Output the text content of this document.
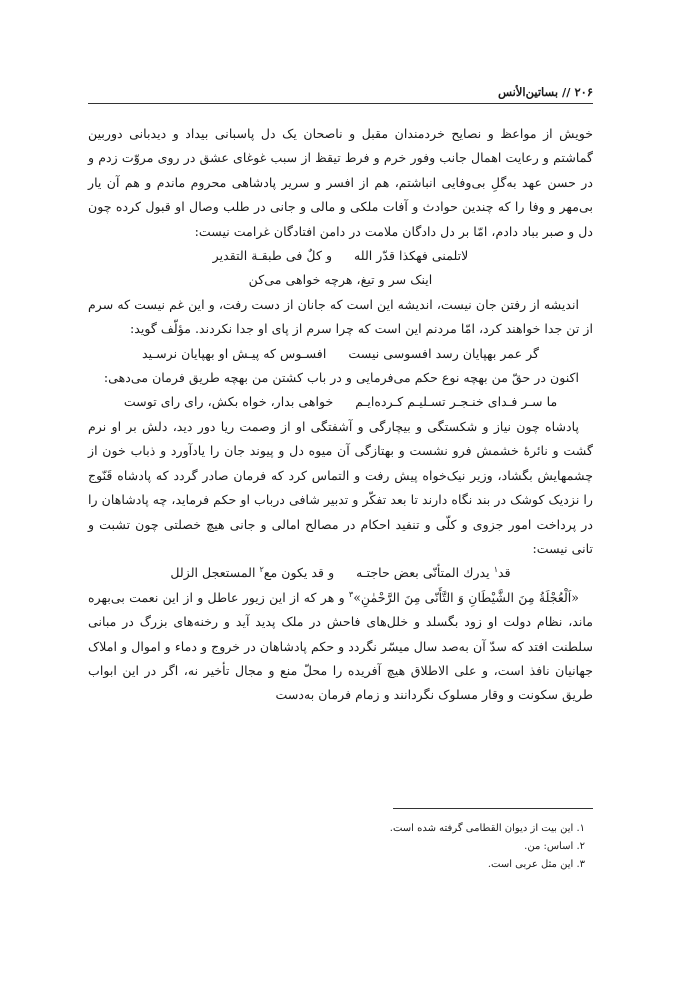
۲۰۶ // بساتین‌الأنس

خویش از مواعظ و نصایح خردمندان مقبل و ناصحان یک دل پاسبانی بیداد و دیدبانی دوربین گماشتم و رعایت اهمال جانب وفور خرم و فرط تیقظ از سبب غوغای عشق در روی مروّت زدم و در حسن عهد به‌گلِ بی‌وفایی انباشتم، هم از افسر و سریر پادشاهی محروم ماندم و هم آن یار بی‌مهر و وفا را که چندین حوادث و آفات ملکی و مالی و جانی در طلب وصال او قبول کرده چون دل و صبر بباد دادم، امّا بر دل دادگان ملامت در دامن افتادگان غرامت نیست:

لاتلمنی فهکذا قدّر الله
و کلٌ فی طبقـة التقدیر

اینک سر و تیغ، هرچه خواهی می‌کن

اندیشه از رفتن جان نیست، اندیشه این است که جانان از دست رفت، و این غم نیست که سرم از تن جدا خواهند کرد، امّا مردنم این است که چرا سرم از پای او جدا نکردند. مؤلّف گوید:

گر عمر بهپایان رسد افسوسی نیست
افسـوس که پیـش او بهپایان نرسـید

اکنون در حقّ من بهچه نوع حکم می‌فرمایی و در باب کشتن من بهچه طریق فرمان می‌دهی:

ما سـر فـدای خنـجـر تسـلیـم کـرده‌ایـم
خواهی بدار، خواه بکش، رای رای توست

پادشاه چون نیاز و شکستگی و بیچارگی و آشفتگی او از وصمت ریا دور دید، دلش بر او نرم گشت و نائرهٔ خشمش فرو نشست و بهتازگی آن میوه دل و پیوند جان را یادآورد و ذباب خون از چشمهایش بگشاد، وزیر نیک‌خواه پیش رفت و التماس کرد که فرمان صادر گردد که پادشاه قَنّوج را نزدیک کوشک در بند نگاه دارند تا بعد تفکّر و تدبیر شافی درباب او حکم فرماید، چه پادشاهان را در پرداخت امور جزوی و کلّی و تنفید احکام در مصالح امالی و جانی هیچ خصلتی چون تشبت و تانی نیست:

قد$^۱$ یدرك المتأنّی بعض حاجتـه
و قد یکون مع$^۲$ المستعجل الزلل

«اَلْعُجْلَةُ مِنَ الشَّیْطَانِ وَ التَّأَنّی مِنَ الرَّحْمٰنِ»$^۳$ و هر که از این زیور عاطل و از این نعمت بی‌بهره ماند، نظام دولت او زود بگسلد و خلل‌های فاحش در ملک پدید آید و رخنه‌های بزرگ در مبانی سلطنت افتد که سدّ آن به‌صد سال میسّر نگردد و حکم پادشاهان در خروج و دماء و اموال و املاک جهانیان نافذ است، و علی الاطلاق هیچ آفریده را محلّ منع و مجال تأخیر نه، اگر در این ابواب طریق سکونت و وقار مسلوک نگردانند و زمام فرمان به‌دست

۱. این بیت از دیوان القطامی گرفته شده است.

۲. اساس: من.

۳. این مثل عربی است.
